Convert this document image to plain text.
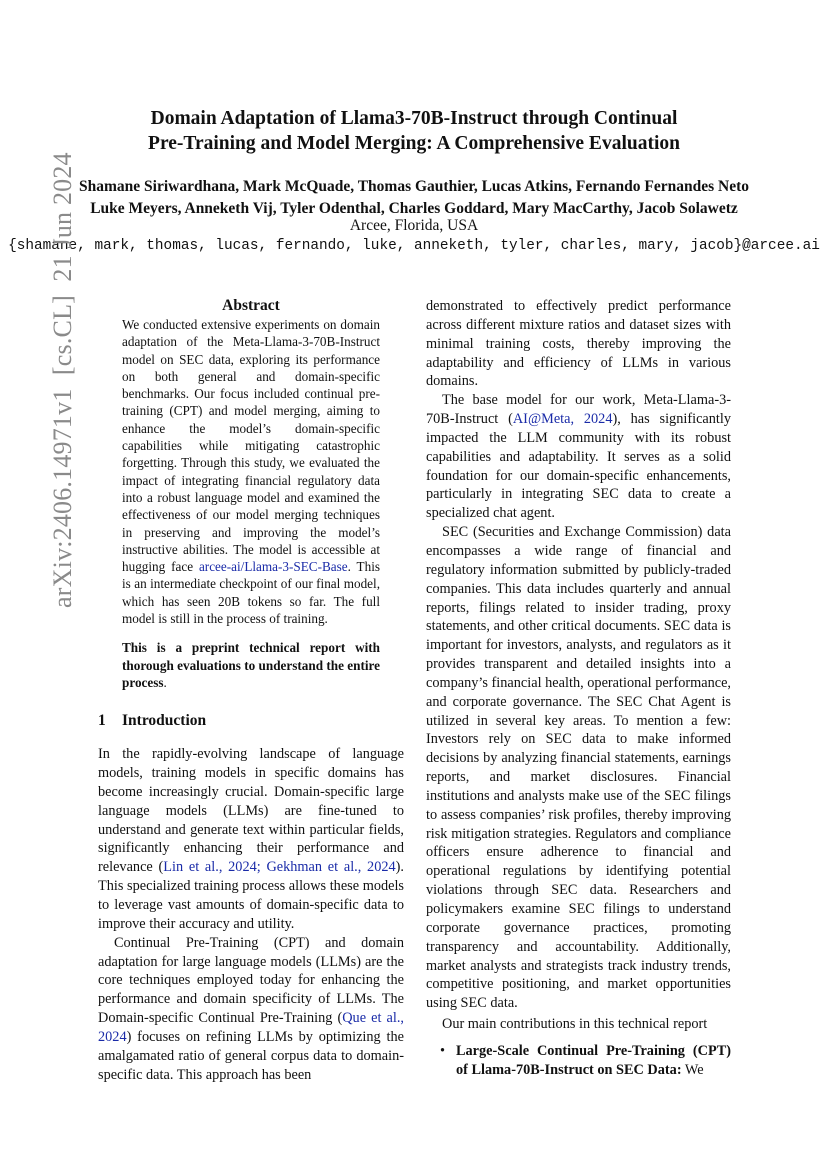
Domain Adaptation of Llama3-70B-Instruct through Continual
Pre-Training and Model Merging: A Comprehensive Evaluation
Shamane Siriwardhana, Mark McQuade, Thomas Gauthier, Lucas Atkins, Fernando Fernandes Neto
Luke Meyers, Anneketh Vij, Tyler Odenthal, Charles Goddard, Mary MacCarthy, Jacob Solawetz
Arcee, Florida, USA
{shamane, mark, thomas, lucas, fernando, luke, anneketh, tyler, charles, mary, jacob}@arcee.ai
arXiv:2406.14971v1  [cs.CL]  21 Jun 2024	Abstract

We conducted extensive experiments on domain adaptation of the Meta-Llama-3-70B-Instruct model on SEC data, exploring its performance on both general and domain-specific benchmarks. Our focus included continual pre-training (CPT) and model merging, aiming to enhance the model’s domain-specific capabilities while mitigating catastrophic forgetting. Through this study, we evaluated the impact of integrating financial regulatory data into a robust language model and examined the effectiveness of our model merging techniques in preserving and improving the model’s instructive abilities. The model is accessible at hugging face arcee-ai/Llama-3-SEC-Base. This is an intermediate checkpoint of our final model, which has seen 20B tokens so far. The full model is still in the process of training.

This is a preprint technical report with thorough evaluations to understand the entire process.

1 Introduction

In the rapidly-evolving landscape of language models, training models in specific domains has become increasingly crucial. Domain-specific large language models (LLMs) are fine-tuned to understand and generate text within particular fields, significantly enhancing their performance and relevance (Lin et al., 2024; Gekhman et al., 2024). This specialized training process allows these models to leverage vast amounts of domain-specific data to improve their accuracy and utility.

Continual Pre-Training (CPT) and domain adaptation for large language models (LLMs) are the core techniques employed today for enhancing the performance and domain specificity of LLMs. The Domain-specific Continual Pre-Training (Que et al., 2024) focuses on refining LLMs by optimizing the amalgamated ratio of general corpus data to domain-specific data. This approach has been

demonstrated to effectively predict performance across different mixture ratios and dataset sizes with minimal training costs, thereby improving the adaptability and efficiency of LLMs in various domains.

The base model for our work, Meta-Llama-3-70B-Instruct (AI@Meta, 2024), has significantly impacted the LLM community with its robust capabilities and adaptability. It serves as a solid foundation for our domain-specific enhancements, particularly in integrating SEC data to create a specialized chat agent.

SEC (Securities and Exchange Commission) data encompasses a wide range of financial and regulatory information submitted by publicly-traded companies. This data includes quarterly and annual reports, filings related to insider trading, proxy statements, and other critical documents. SEC data is important for investors, analysts, and regulators as it provides transparent and detailed insights into a company’s financial health, operational performance, and corporate governance. The SEC Chat Agent is utilized in several key areas. To mention a few: Investors rely on SEC data to make informed decisions by analyzing financial statements, earnings reports, and market disclosures. Financial institutions and analysts make use of the SEC filings to assess companies’ risk profiles, thereby improving risk mitigation strategies. Regulators and compliance officers ensure adherence to financial and operational regulations by identifying potential violations through SEC data. Researchers and policymakers examine SEC filings to understand corporate governance practices, promoting transparency and accountability. Additionally, market analysts and strategists track industry trends, competitive positioning, and market opportunities using SEC data.

Our main contributions in this technical report

• Large-Scale Continual Pre-Training (CPT) of Llama-70B-Instruct on SEC Data: We
